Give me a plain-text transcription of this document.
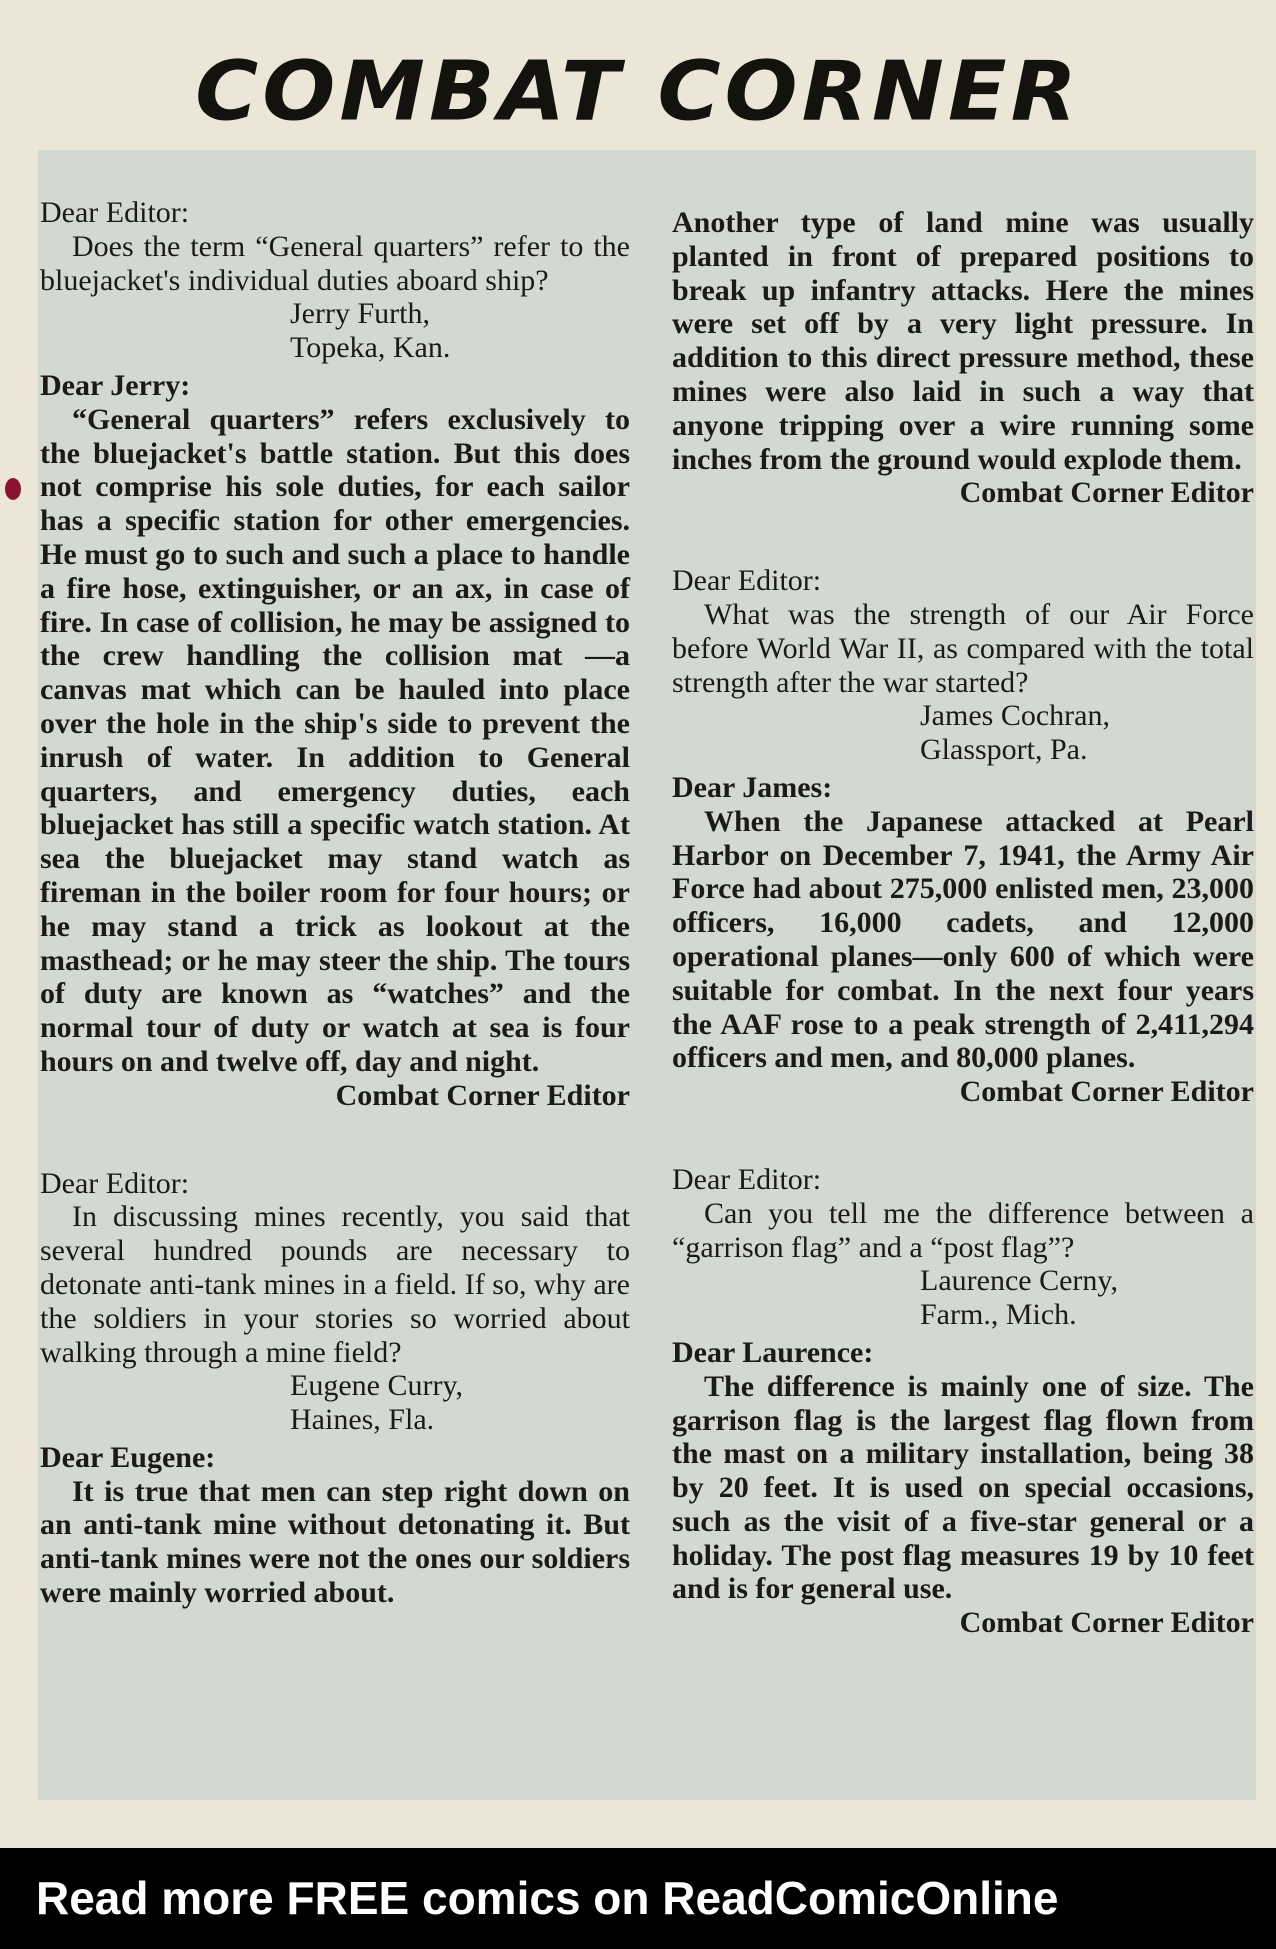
COMBAT CORNER

Dear Editor:

Does the term “General quarters” refer to the bluejacket's individual duties aboard ship?

Jerry Furth,

Topeka, Kan.

Dear Jerry:

“General quarters” refers exclusively to the bluejacket's battle station. But this does not comprise his sole duties, for each sailor has a specific station for other emergencies. He must go to such and such a place to handle a fire hose, extinguisher, or an ax, in case of fire. In case of collision, he may be assigned to the crew handling the collision mat —a canvas mat which can be hauled into place over the hole in the ship's side to prevent the inrush of water. In addition to General quarters, and emergency duties, each bluejacket has still a specific watch station. At sea the bluejacket may stand watch as fireman in the boiler room for four hours; or he may stand a trick as lookout at the masthead; or he may steer the ship. The tours of duty are known as “watches” and the normal tour of duty or watch at sea is four hours on and twelve off, day and night.

Combat Corner Editor

Dear Editor:

In discussing mines recently, you said that several hundred pounds are necessary to detonate anti-tank mines in a field. If so, why are the soldiers in your stories so worried about walking through a mine field?

Eugene Curry,

Haines, Fla.

Dear Eugene:

It is true that men can step right down on an anti-tank mine without detonating it. But anti-tank mines were not the ones our soldiers were mainly worried about.

Another type of land mine was usually planted in front of prepared positions to break up infantry attacks. Here the mines were set off by a very light pressure. In addition to this direct pressure method, these mines were also laid in such a way that anyone tripping over a wire running some inches from the ground would explode them.

Combat Corner Editor

Dear Editor:

What was the strength of our Air Force before World War II, as compared with the total strength after the war started?

James Cochran,

Glassport, Pa.

Dear James:

When the Japanese attacked at Pearl Harbor on December 7, 1941, the Army Air Force had about 275,000 enlisted men, 23,000 officers, 16,000 cadets, and 12,000 operational planes—only 600 of which were suitable for combat. In the next four years the AAF rose to a peak strength of 2,411,294 officers and men, and 80,000 planes.

Combat Corner Editor

Dear Editor:

Can you tell me the difference between a “garrison flag” and a “post flag”?

Laurence Cerny,

Farm., Mich.

Dear Laurence:

The difference is mainly one of size. The garrison flag is the largest flag flown from the mast on a military installation, being 38 by 20 feet. It is used on special occasions, such as the visit of a five-star general or a holiday. The post flag measures 19 by 10 feet and is for general use.

Combat Corner Editor

Read more FREE comics on ReadComicOnline
